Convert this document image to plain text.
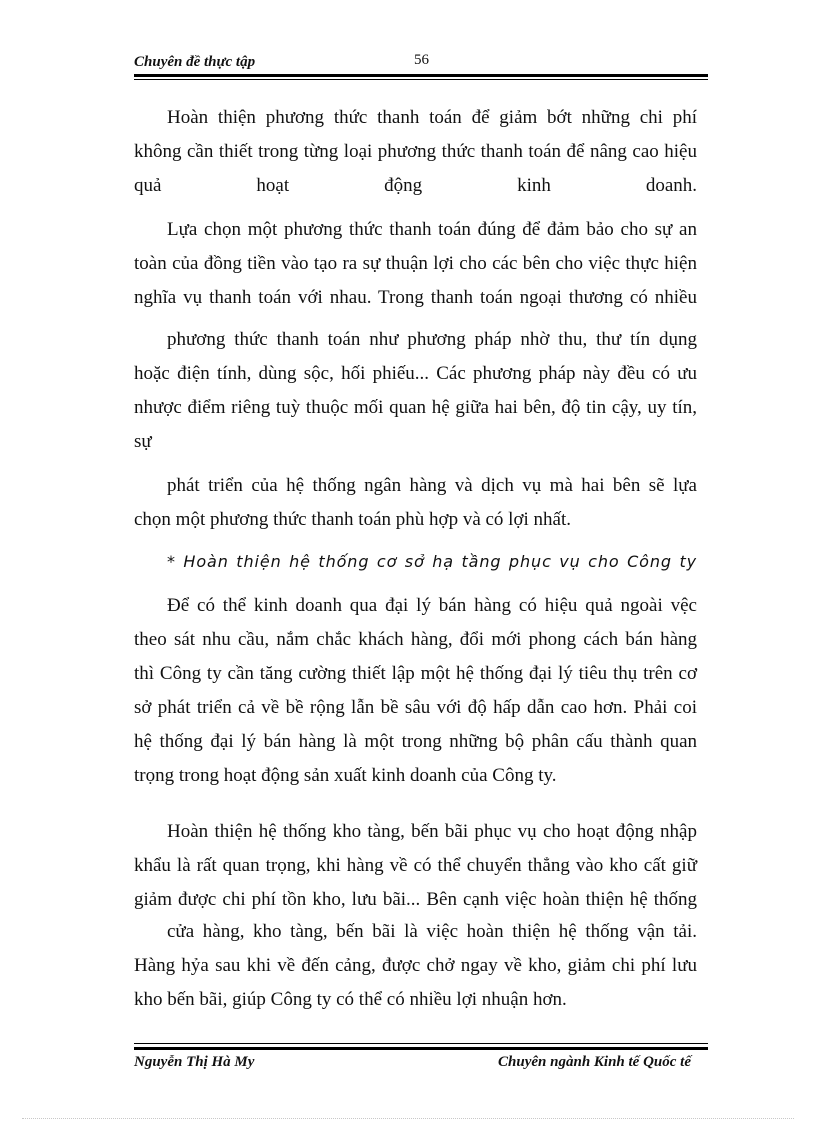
Chuyên đề thực tập	56
Hoàn thiện phương thức thanh toán để giảm bớt những chi phí
không cần thiết trong từng loại phương thức thanh toán để nâng cao hiệu
quả hoạt động kinh doanh.
Lựa chọn một phương thức thanh toán đúng để đảm bảo cho sự an
toàn của đồng tiền vào tạo ra sự thuận lợi cho các bên cho việc thực hiện
nghĩa vụ thanh toán với nhau. Trong thanh toán ngoại thương có nhiều
phương thức thanh toán như phương pháp nhờ thu, thư tín dụng
hoặc điện tính, dùng sộc, hối phiếu... Các phương pháp này đều có ưu
nhược điểm riêng tuỳ thuộc mối quan hệ giữa hai bên, độ tin cậy, uy tín,
sự
phát triển của hệ thống ngân hàng và dịch vụ mà hai bên sẽ lựa
chọn một phương thức thanh toán phù hợp và có lợi nhất.
* Hoàn thiện hệ thống cơ sở hạ tầng phục vụ cho Công ty
Để có thể kinh doanh qua đại lý bán hàng có hiệu quả ngoài vệc
theo sát nhu cầu, nắm chắc khách hàng, đổi mới phong cách bán hàng
thì Công ty cần tăng cường thiết lập một hệ thống đại lý tiêu thụ trên cơ
sở phát triển cả về bề rộng lẫn bề sâu với độ hấp dẫn cao hơn. Phải coi
hệ thống đại lý bán hàng là một trong những bộ phân cấu thành quan
trọng trong hoạt động sản xuất kinh doanh của Công ty.
Hoàn thiện hệ thống kho tàng, bến bãi phục vụ cho hoạt động nhập
khẩu là rất quan trọng, khi hàng về có thể chuyển thẳng vào kho cất giữ
giảm được chi phí tồn kho, lưu bãi... Bên cạnh việc hoàn thiện hệ thống
cửa hàng, kho tàng, bến bãi là việc hoàn thiện hệ thống vận tải.
Hàng hỷa sau khi về đến cảng, được chở ngay về kho, giảm chi phí lưu
kho bến bãi, giúp Công ty có thể có nhiều lợi nhuận hơn.
Nguyễn Thị Hà My	Chuyên ngành Kinh tế Quốc tế
